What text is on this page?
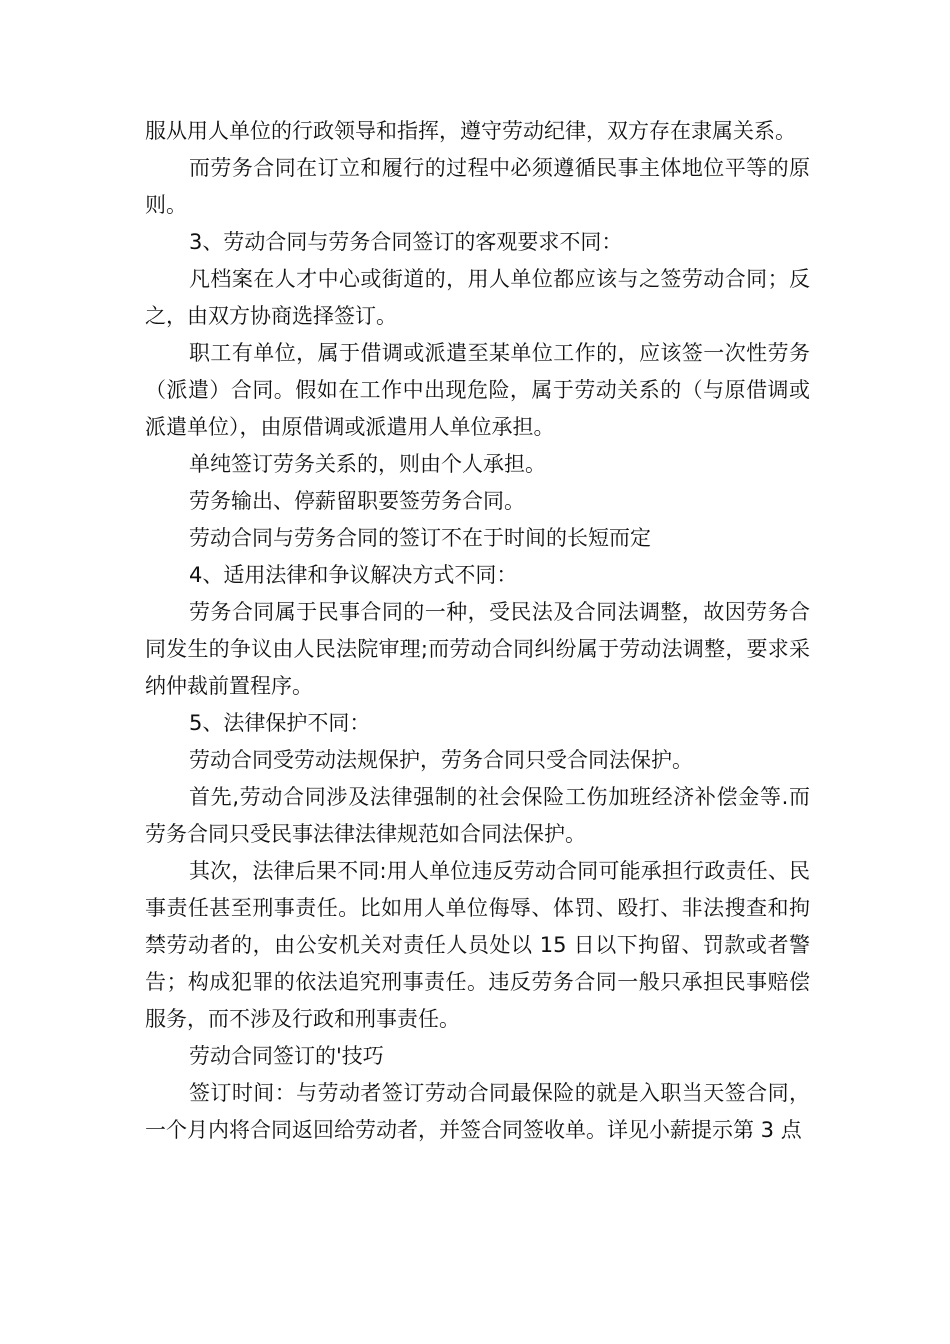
服从用人单位的行政领导和指挥，遵守劳动纪律，双方存在隶属关系。

而劳务合同在订立和履行的过程中必须遵循民事主体地位平等的原则。

3、劳动合同与劳务合同签订的客观要求不同：

凡档案在人才中心或街道的，用人单位都应该与之签劳动合同；反之，由双方协商选择签订。

职工有单位，属于借调或派遣至某单位工作的，应该签一次性劳务（派遣）合同。假如在工作中出现危险，属于劳动关系的（与原借调或派遣单位），由原借调或派遣用人单位承担。

单纯签订劳务关系的，则由个人承担。

劳务输出、停薪留职要签劳务合同。

劳动合同与劳务合同的签订不在于时间的长短而定

4、适用法律和争议解决方式不同：

劳务合同属于民事合同的一种，受民法及合同法调整，故因劳务合同发生的争议由人民法院审理;而劳动合同纠纷属于劳动法调整，要求采纳仲裁前置程序。

5、法律保护不同：

劳动合同受劳动法规保护，劳务合同只受合同法保护。

首先,劳动合同涉及法律强制的社会保险工伤加班经济补偿金等.而劳务合同只受民事法律法律规范如合同法保护。

其次，法律后果不同:用人单位违反劳动合同可能承担行政责任、民事责任甚至刑事责任。比如用人单位侮辱、体罚、殴打、非法搜查和拘禁劳动者的，由公安机关对责任人员处以 15 日以下拘留、罚款或者警告；构成犯罪的依法追究刑事责任。违反劳务合同一般只承担民事赔偿服务，而不涉及行政和刑事责任。

劳动合同签订的'技巧

签订时间：与劳动者签订劳动合同最保险的就是入职当天签合同，一个月内将合同返回给劳动者，并签合同签收单。详见小薪提示第 3 点
